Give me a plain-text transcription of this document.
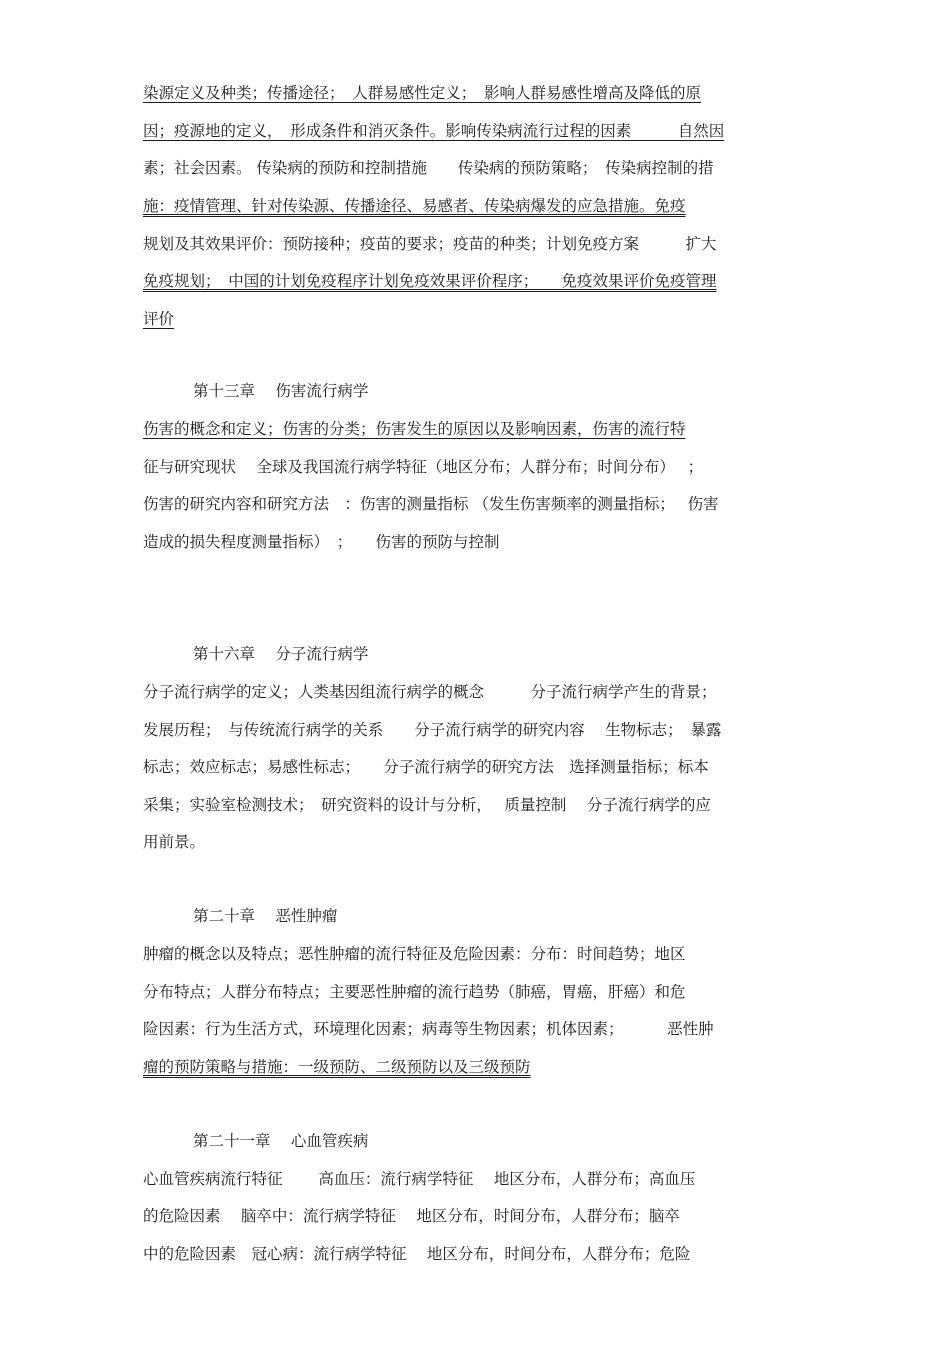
染源定义及种类；传播途径；　人群易感性定义；　影响人群易感性增高及降低的原
因；疫源地的定义，　形成条件和消灭条件。影响传染病流行过程的因素　　　自然因
素；社会因素。 传染病的预防和控制措施　　传染病的预防策略；　传染病控制的措
施：疫情管理、针对传染源、传播途径、易感者、传染病爆发的应急措施。免疫
规划及其效果评价：预防接种；疫苗的要求；疫苗的种类；计划免疫方案　　　扩大
免疫规划；　中国的计划免疫程序计划免疫效果评价程序；　　免疫效果评价免疫管理
评价
第十三章　 伤害流行病学
伤害的概念和定义；伤害的分类；伤害发生的原因以及影响因素，伤害的流行特
征与研究现状　 全球及我国流行病学特征（地区分布；人群分布；时间分布）　 ；
伤害的研究内容和研究方法　：伤害的测量指标 （发生伤害频率的测量指标；　 伤害
造成的损失程度测量指标）　；　　伤害的预防与控制
第十六章　 分子流行病学
分子流行病学的定义；人类基因组流行病学的概念　　　分子流行病学产生的背景；
发展历程；　与传统流行病学的关系　　分子流行病学的研究内容　 生物标志；　暴露
标志；效应标志；易感性标志；　　分子流行病学的研究方法　选择测量指标；标本
采集；实验室检测技术；　研究资料的设计与分析，　 质量控制　 分子流行病学的应
用前景。
第二十章　 恶性肿瘤
肿瘤的概念以及特点；恶性肿瘤的流行特征及危险因素：分布：时间趋势；地区
分布特点；人群分布特点；主要恶性肿瘤的流行趋势（肺癌，胃癌，肝癌）和危
险因素：行为生活方式，环境理化因素；病毒等生物因素；机体因素；　　　 恶性肿
瘤的预防策略与措施：一级预防、二级预防以及三级预防
第二十一章　 心血管疾病
心血管疾病流行特征　　 高血压：流行病学特征　 地区分布，人群分布；高血压
的危险因素　 脑卒中：流行病学特征　 地区分布，时间分布，人群分布；脑卒
中的危险因素　冠心病：流行病学特征　 地区分布，时间分布，人群分布；危险
